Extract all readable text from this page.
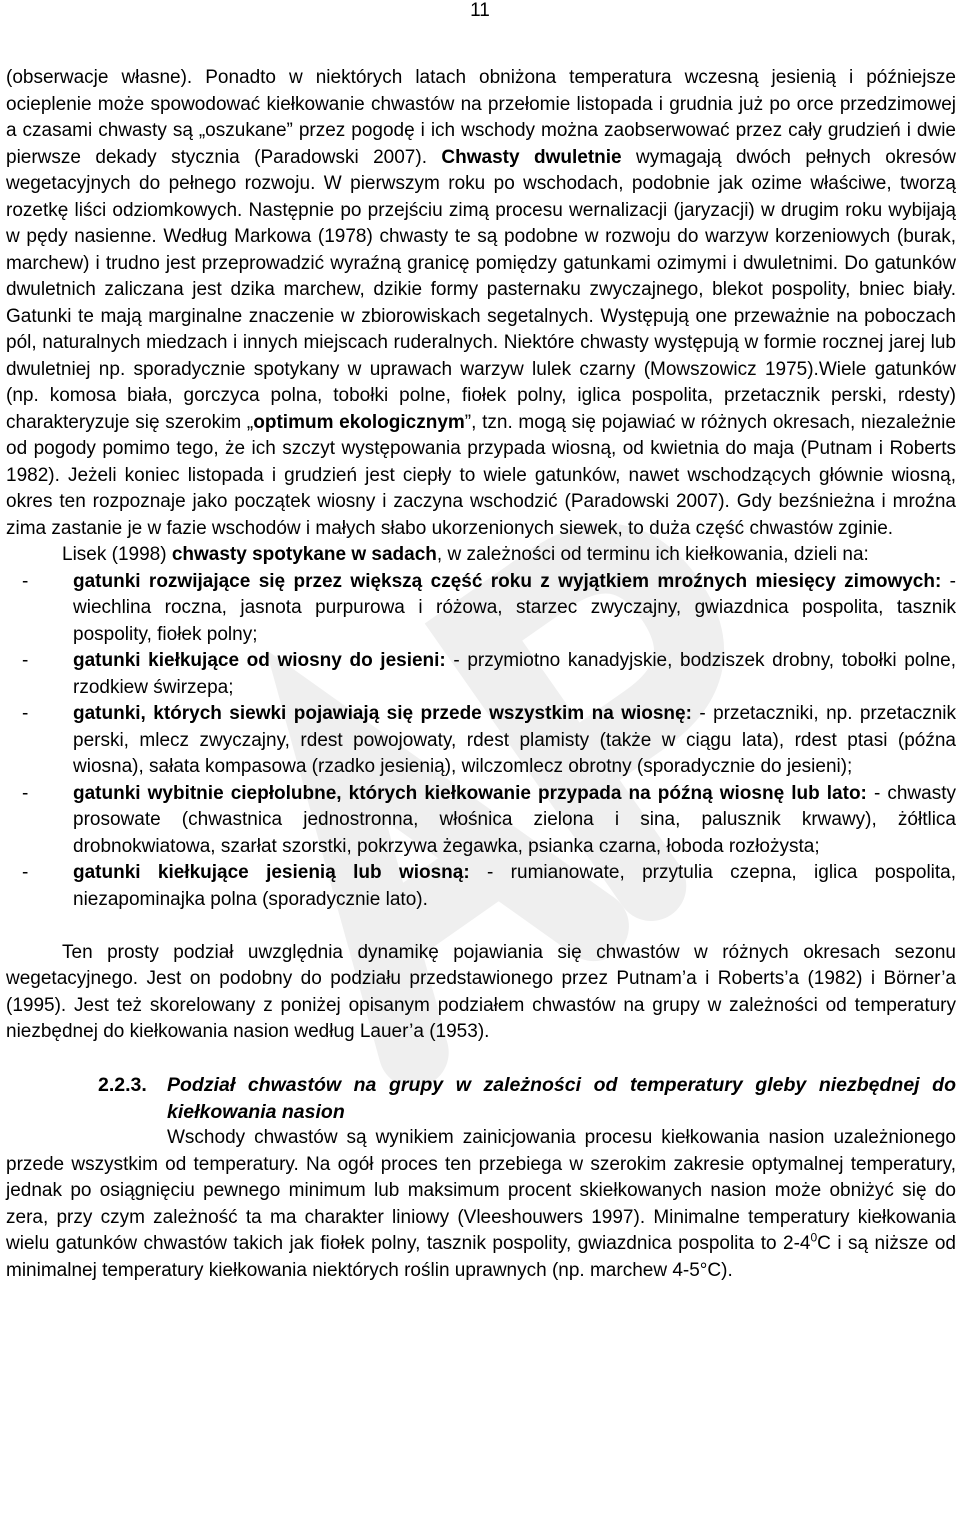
11

(obserwacje własne). Ponadto w niektórych latach obniżona temperatura wczesną jesienią i późniejsze ocieplenie może spowodować kiełkowanie chwastów na przełomie listopada i grudnia już po orce przedzimowej a czasami chwasty są „oszukane” przez pogodę i ich wschody można zaobserwować przez cały grudzień i dwie pierwsze dekady stycznia (Paradowski 2007). Chwasty dwuletnie wymagają dwóch pełnych okresów wegetacyjnych do pełnego rozwoju. W pierwszym roku po wschodach, podobnie jak ozime właściwe, tworzą rozetkę liści odziomkowych. Następnie po przejściu zimą procesu wernalizacji (jaryzacji) w drugim roku wybijają w pędy nasienne. Według Markowa (1978) chwasty te są podobne w rozwoju do warzyw korzeniowych (burak, marchew) i trudno jest przeprowadzić wyraźną granicę pomiędzy gatunkami ozimymi i dwuletnimi. Do gatunków dwuletnich zaliczana jest dzika marchew, dzikie formy pasternaku zwyczajnego, blekot pospolity, bniec biały. Gatunki te mają marginalne znaczenie w zbiorowiskach segetalnych. Występują one przeważnie na poboczach pól, naturalnych miedzach i innych miejscach ruderalnych. Niektóre chwasty występują w formie rocznej jarej lub dwuletniej np. sporadycznie spotykany w uprawach warzyw lulek czarny (Mowszowicz 1975).Wiele gatunków (np. komosa biała, gorczyca polna, tobołki polne, fiołek polny, iglica pospolita, przetacznik perski, rdesty) charakteryzuje się szerokim „optimum ekologicznym”, tzn. mogą się pojawiać w różnych okresach, niezależnie od pogody pomimo tego, że ich szczyt występowania przypada wiosną, od kwietnia do maja (Putnam i Roberts 1982). Jeżeli koniec listopada i grudzień jest ciepły to wiele gatunków, nawet wschodzących głównie wiosną, okres ten rozpoznaje jako początek wiosny i zaczyna wschodzić (Paradowski 2007). Gdy bezśnieżna i mroźna zima zastanie je w fazie wschodów i małych słabo ukorzenionych siewek, to duża część chwastów zginie.

Lisek (1998) chwasty spotykane w sadach, w zależności od terminu ich kiełkowania, dzieli na:

- gatunki rozwijające się przez większą część roku z wyjątkiem mroźnych miesięcy zimowych: - wiechlina roczna, jasnota purpurowa i różowa, starzec zwyczajny, gwiazdnica pospolita, tasznik pospolity, fiołek polny;
- gatunki kiełkujące od wiosny do jesieni: - przymiotno kanadyjskie, bodziszek drobny, tobołki polne, rzodkiew świrzepa;
- gatunki, których siewki pojawiają się przede wszystkim na wiosnę: - przetaczniki, np. przetacznik perski, mlecz zwyczajny, rdest powojowaty, rdest plamisty (także w ciągu lata), rdest ptasi (późna wiosna), sałata kompasowa (rzadko jesienią), wilczomlecz obrotny (sporadycznie do jesieni);
- gatunki wybitnie ciepłolubne, których kiełkowanie przypada na późną wiosnę lub lato: - chwasty prosowate (chwastnica jednostronna, włośnica zielona i sina, palusznik krwawy), żółtlica drobnokwiatowa, szarłat szorstki, pokrzywa żegawka, psianka czarna, łoboda rozłożysta;
- gatunki kiełkujące jesienią lub wiosną: - rumianowate, przytulia czepna, iglica pospolita, niezapominajka polna (sporadycznie lato).

Ten prosty podział uwzględnia dynamikę pojawiania się chwastów w różnych okresach sezonu wegetacyjnego. Jest on podobny do podziału przedstawionego przez Putnam’a i Roberts’a (1982) i Börner’a (1995). Jest też skorelowany z poniżej opisanym podziałem chwastów na grupy w zależności od temperatury niezbędnej do kiełkowania nasion według Lauer’a (1953).

2.2.3.	Podział chwastów na grupy w zależności od temperatury gleby niezbędnej do kiełkowania nasion

Wschody chwastów są wynikiem zainicjowania procesu kiełkowania nasion uzależnionego przede wszystkim od temperatury. Na ogół proces ten przebiega w szerokim zakresie optymalnej temperatury, jednak po osiągnięciu pewnego minimum lub maksimum procent skiełkowanych nasion może obniżyć się do zera, przy czym zależność ta ma charakter liniowy (Vleeshouwers 1997). Minimalne temperatury kiełkowania wielu gatunków chwastów takich jak fiołek polny, tasznik pospolity, gwiazdnica pospolita to $2-4^0C$ i są niższe od minimalnej temperatury kiełkowania niektórych roślin uprawnych (np. marchew 4-5°C).
